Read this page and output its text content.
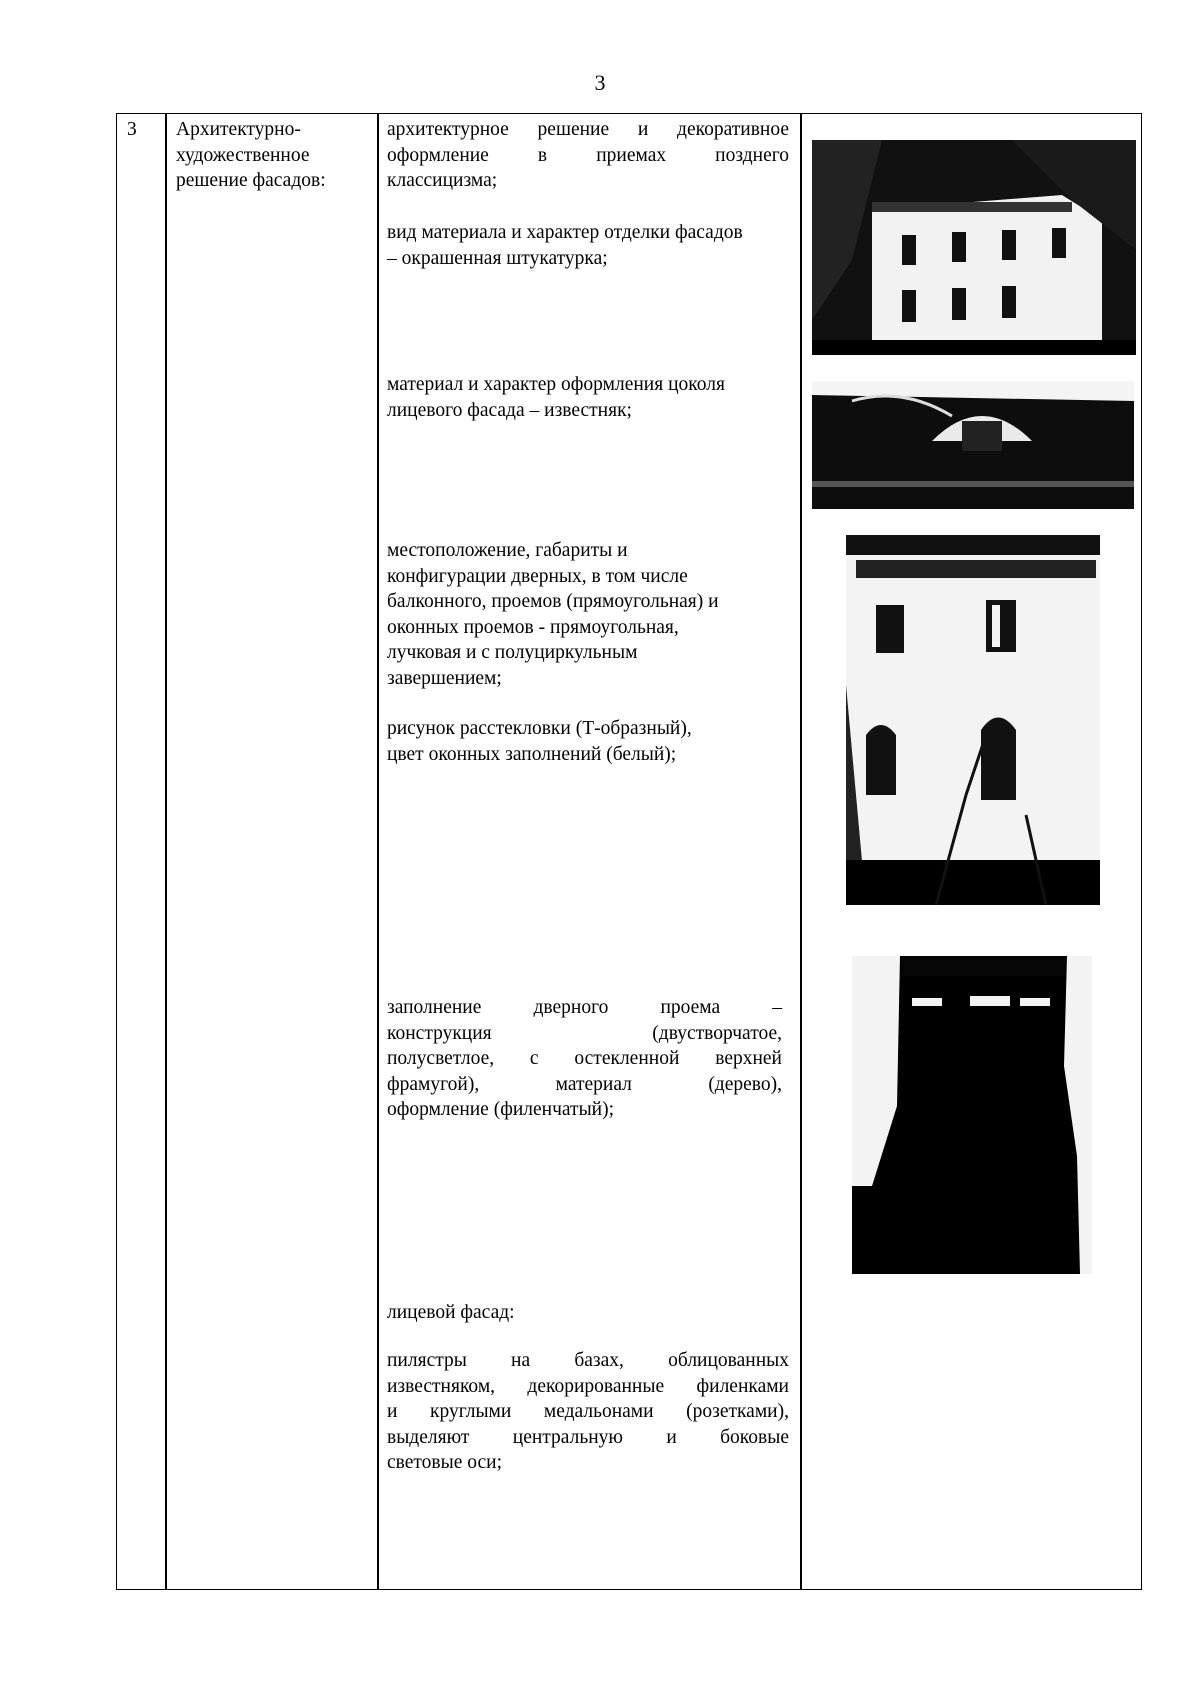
3
3 Архитектурно-
художественное
решение фасадов:
архитектурное решение и декоративное
оформление в приемах позднего
классицизма;
вид материала и характер отделки фасадов
– окрашенная штукатурка;
материал и характер оформления цоколя
лицевого фасада – известняк;
местоположение, габариты и
конфигурации дверных, в том числе
балконного, проемов (прямоугольная) и
оконных проемов - прямоугольная,
лучковая и с полуциркульным
завершением;
рисунок расстекловки (Т-образный),
цвет оконных заполнений (белый);
заполнение дверного проема –
конструкция (двустворчатое,
полусветлое, с остекленной верхней
фрамугой), материал (дерево),
оформление (филенчатый);
лицевой фасад:
пилястры на базах, облицованных
известняком, декорированные филенками
и круглыми медальонами (розетками),
выделяют центральную и боковые
световые оси;
